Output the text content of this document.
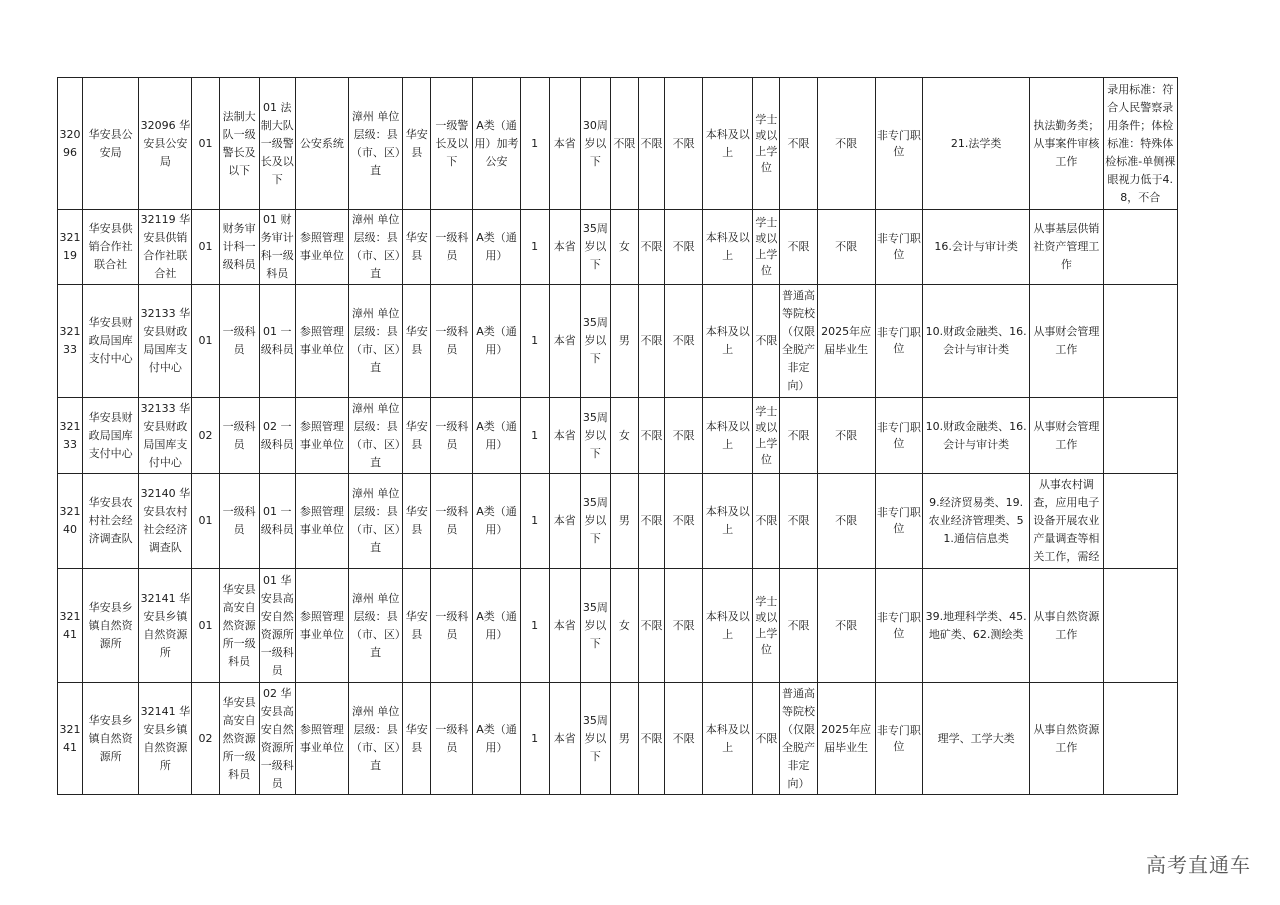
32096	华安县公安局	32096 华安县公安局	01	法制大队一级警长及以下	01 法制大队一级警长及以下	公安系统	漳州 单位层级：县（市、区）直	华安县	一级警长及以下	A类（通用）加考公安	1	本省	30周岁以下	不限	不限	不限	本科及以上	学士或以上学位	不限	不限	非专门职位	21.法学类	执法勤务类；从事案件审核工作	录用标准：符合人民警察录用条件；体检标准：特殊体检标准-单侧裸眼视力低于4.8，不合
32119	华安县供销合作社联合社	32119 华安县供销合作社联合社	01	财务审计科一级科员	01 财务审计科一级科员	参照管理事业单位	漳州 单位层级：县（市、区）直	华安县	一级科员	A类（通用）	1	本省	35周岁以下	女	不限	不限	本科及以上	学士或以上学位	不限	不限	非专门职位	16.会计与审计类	从事基层供销社资产管理工作	
32133	华安县财政局国库支付中心	32133 华安县财政局国库支付中心	01	一级科员	01 一级科员	参照管理事业单位	漳州 单位层级：县（市、区）直	华安县	一级科员	A类（通用）	1	本省	35周岁以下	男	不限	不限	本科及以上	不限	普通高等院校（仅限全脱产非定向）	2025年应届毕业生	非专门职位	10.财政金融类、16.会计与审计类	从事财会管理工作	
32133	华安县财政局国库支付中心	32133 华安县财政局国库支付中心	02	一级科员	02 一级科员	参照管理事业单位	漳州 单位层级：县（市、区）直	华安县	一级科员	A类（通用）	1	本省	35周岁以下	女	不限	不限	本科及以上	学士或以上学位	不限	不限	非专门职位	10.财政金融类、16.会计与审计类	从事财会管理工作	
32140	华安县农村社会经济调查队	32140 华安县农村社会经济调查队	01	一级科员	01 一级科员	参照管理事业单位	漳州 单位层级：县（市、区）直	华安县	一级科员	A类（通用）	1	本省	35周岁以下	男	不限	不限	本科及以上	不限	不限	不限	非专门职位	9.经济贸易类、19.农业经济管理类、51.通信信息类	从事农村调查，应用电子设备开展农业产量调查等相关工作，需经	
32141	华安县乡镇自然资源所	32141 华安县乡镇自然资源所	01	华安县高安自然资源所一级科员	01 华安县高安自然资源所一级科员	参照管理事业单位	漳州 单位层级：县（市、区）直	华安县	一级科员	A类（通用）	1	本省	35周岁以下	女	不限	不限	本科及以上	学士或以上学位	不限	不限	非专门职位	39.地理科学类、45.地矿类、62.测绘类	从事自然资源工作	
32141	华安县乡镇自然资源所	32141 华安县乡镇自然资源所	02	华安县高安自然资源所一级科员	02 华安县高安自然资源所一级科员	参照管理事业单位	漳州 单位层级：县（市、区）直	华安县	一级科员	A类（通用）	1	本省	35周岁以下	男	不限	不限	本科及以上	不限	普通高等院校（仅限全脱产非定向）	2025年应届毕业生	非专门职位	理学、工学大类	从事自然资源工作	
高考直通车
